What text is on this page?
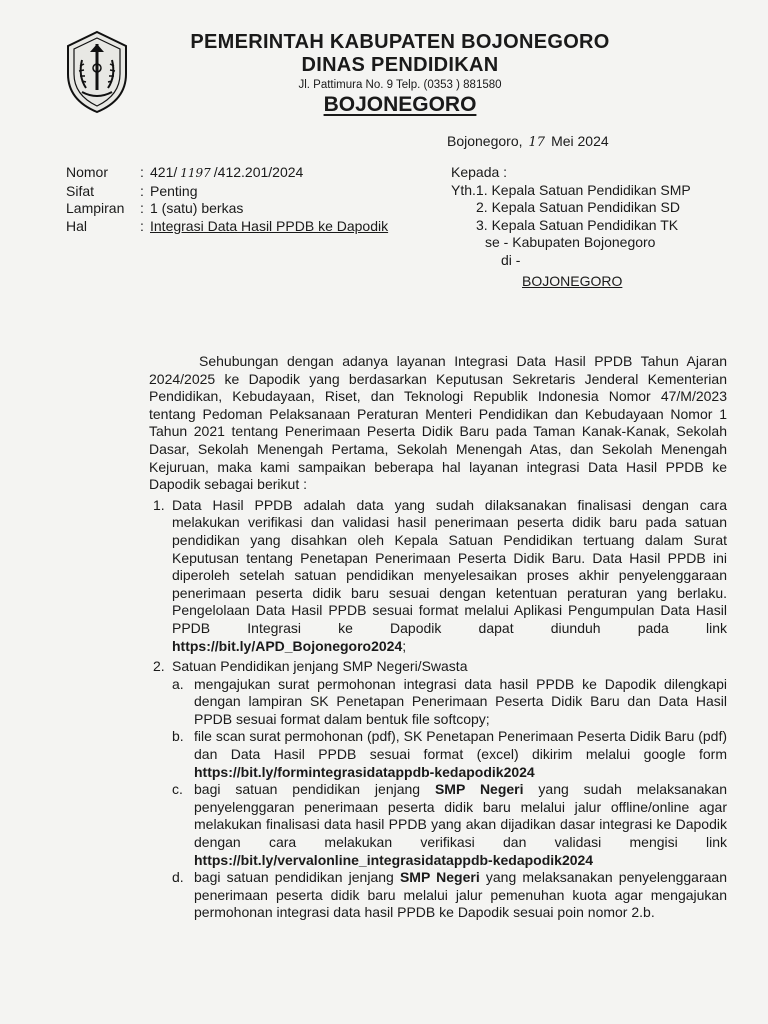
PEMERINTAH KABUPATEN BOJONEGORO
DINAS PENDIDIKAN
Jl. Pattimura No. 9 Telp. (0353 ) 881580
BOJONEGORO
Bojonegoro, 17 Mei 2024
Nomor	: 421/ 1197 /412.201/2024
Sifat	: Penting
Lampiran	: 1 (satu) berkas
Hal	: Integrasi Data Hasil PPDB ke Dapodik
Kepada :
Yth.1. Kepala Satuan Pendidikan SMP
2. Kepala Satuan Pendidikan SD
3. Kepala Satuan Pendidikan TK
se - Kabupaten Bojonegoro
di -
BOJONEGORO

Sehubungan dengan adanya layanan Integrasi Data Hasil PPDB Tahun Ajaran 2024/2025 ke Dapodik yang berdasarkan Keputusan Sekretaris Jenderal Kementerian Pendidikan, Kebudayaan, Riset, dan Teknologi Republik Indonesia Nomor 47/M/2023 tentang Pedoman Pelaksanaan Peraturan Menteri Pendidikan dan Kebudayaan Nomor 1 Tahun 2021 tentang Penerimaan Peserta Didik Baru pada Taman Kanak-Kanak, Sekolah Dasar, Sekolah Menengah Pertama, Sekolah Menengah Atas, dan Sekolah Menengah Kejuruan, maka kami sampaikan beberapa hal layanan integrasi Data Hasil PPDB ke Dapodik sebagai berikut :

1. Data Hasil PPDB adalah data yang sudah dilaksanakan finalisasi dengan cara melakukan verifikasi dan validasi hasil penerimaan peserta didik baru pada satuan pendidikan yang disahkan oleh Kepala Satuan Pendidikan tertuang dalam Surat Keputusan tentang Penetapan Penerimaan Peserta Didik Baru. Data Hasil PPDB ini diperoleh setelah satuan pendidikan menyelesaikan proses akhir penyelenggaraan penerimaan peserta didik baru sesuai dengan ketentuan peraturan yang berlaku. Pengelolaan Data Hasil PPDB sesuai format melalui Aplikasi Pengumpulan Data Hasil PPDB Integrasi ke Dapodik dapat diunduh pada link https://bit.ly/APD_Bojonegoro2024;
2. Satuan Pendidikan jenjang SMP Negeri/Swasta
a. mengajukan surat permohonan integrasi data hasil PPDB ke Dapodik dilengkapi dengan lampiran SK Penetapan Penerimaan Peserta Didik Baru dan Data Hasil PPDB sesuai format dalam bentuk file softcopy;
b. file scan surat permohonan (pdf), SK Penetapan Penerimaan Peserta Didik Baru (pdf) dan Data Hasil PPDB sesuai format (excel) dikirim melalui google form https://bit.ly/formintegrasidatappdb-kedapodik2024
c. bagi satuan pendidikan jenjang SMP Negeri yang sudah melaksanakan penyelenggaran penerimaan peserta didik baru melalui jalur offline/online agar melakukan finalisasi data hasil PPDB yang akan dijadikan dasar integrasi ke Dapodik dengan cara melakukan verifikasi dan validasi mengisi link https://bit.ly/vervalonline_integrasidatappdb-kedapodik2024
d. bagi satuan pendidikan jenjang SMP Negeri yang melaksanakan penyelenggaraan penerimaan peserta didik baru melalui jalur pemenuhan kuota agar mengajukan permohonan integrasi data hasil PPDB ke Dapodik sesuai poin nomor 2.b.
